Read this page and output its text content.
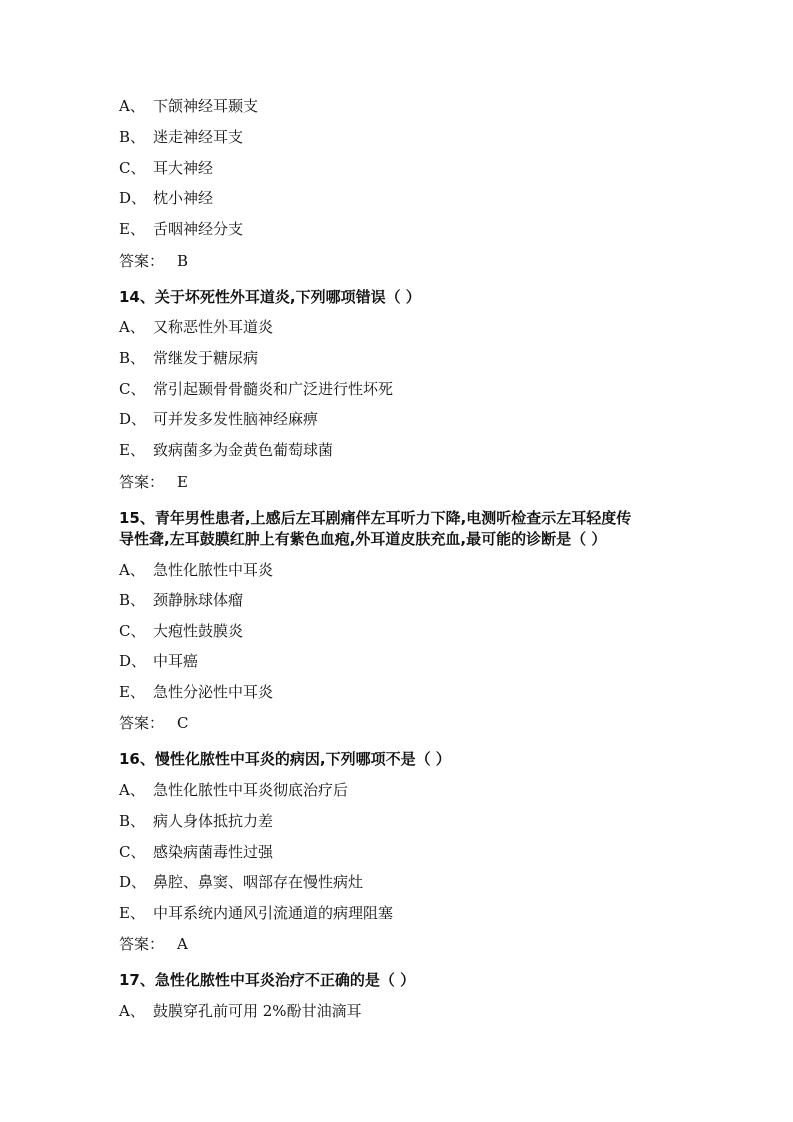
A、 下颌神经耳颞支
B、 迷走神经耳支
C、 耳大神经
D、 枕小神经
E、 舌咽神经分支
答案： B
14、关于坏死性外耳道炎,下列哪项错误（ ）
A、 又称恶性外耳道炎
B、 常继发于糖尿病
C、 常引起颞骨骨髓炎和广泛进行性坏死
D、 可并发多发性脑神经麻痹
E、 致病菌多为金黄色葡萄球菌
答案： E
15、青年男性患者,上感后左耳剧痛伴左耳听力下降,电测听检查示左耳轻度传
导性聋,左耳鼓膜红肿上有紫色血疱,外耳道皮肤充血,最可能的诊断是（ ）
A、 急性化脓性中耳炎
B、 颈静脉球体瘤
C、 大疱性鼓膜炎
D、 中耳癌
E、 急性分泌性中耳炎
答案： C
16、慢性化脓性中耳炎的病因,下列哪项不是（ ）
A、 急性化脓性中耳炎彻底治疗后
B、 病人身体抵抗力差
C、 感染病菌毒性过强
D、 鼻腔、鼻窦、咽部存在慢性病灶
E、 中耳系统内通风引流通道的病理阻塞
答案： A
17、急性化脓性中耳炎治疗不正确的是（ ）
A、 鼓膜穿孔前可用 2%酚甘油滴耳
